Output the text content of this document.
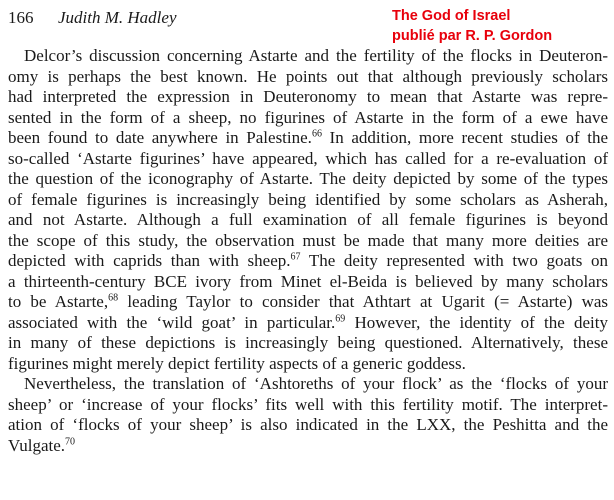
166 Judith M. Hadley	The God of Israel
publié par R. P. Gordon

Delcor’s discussion concerning Astarte and the fertility of the flocks in Deuteron-
omy is perhaps the best known. He points out that although previously scholars
had interpreted the expression in Deuteronomy to mean that Astarte was repre-
sented in the form of a sheep, no figurines of Astarte in the form of a ewe have
been found to date anywhere in Palestine.$^{66}$ In addition, more recent studies of the
so-called ‘Astarte figurines’ have appeared, which has called for a re-evaluation of
the question of the iconography of Astarte. The deity depicted by some of the types
of female figurines is increasingly being identified by some scholars as Asherah,
and not Astarte. Although a full examination of all female figurines is beyond
the scope of this study, the observation must be made that many more deities are
depicted with caprids than with sheep.$^{67}$ The deity represented with two goats on
a thirteenth-century BCE ivory from Minet el-Beida is believed by many scholars
to be Astarte,$^{68}$ leading Taylor to consider that Athtart at Ugarit (= Astarte) was
associated with the ‘wild goat’ in particular.$^{69}$ However, the identity of the deity
in many of these depictions is increasingly being questioned. Alternatively, these
figurines might merely depict fertility aspects of a generic goddess.

Nevertheless, the translation of ‘Ashtoreths of your flock’ as the ‘flocks of your
sheep’ or ‘increase of your flocks’ fits well with this fertility motif. The interpret-
ation of ‘flocks of your sheep’ is also indicated in the LXX, the Peshitta and the
Vulgate.$^{70}$
